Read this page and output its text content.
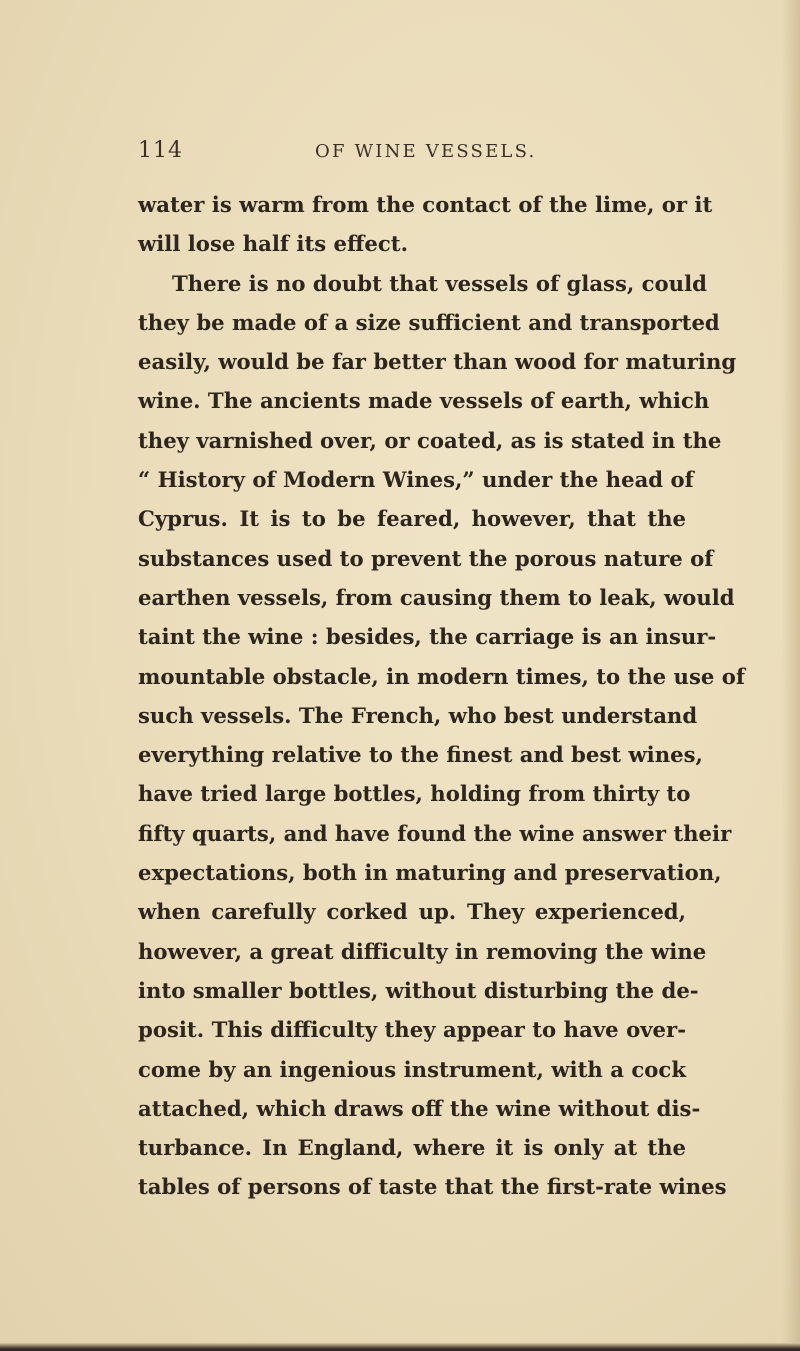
114	OF WINE VESSELS.
water is warm from the contact of the lime, or it
will lose half its effect.
There is no doubt that vessels of glass, could
they be made of a size sufficient and transported
easily, would be far better than wood for maturing
wine. The ancients made vessels of earth, which
they varnished over, or coated, as is stated in the
“ History of Modern Wines,” under the head of
Cyprus. It is to be feared, however, that the
substances used to prevent the porous nature of
earthen vessels, from causing them to leak, would
taint the wine : besides, the carriage is an insur-
mountable obstacle, in modern times, to the use of
such vessels. The French, who best understand
everything relative to the finest and best wines,
have tried large bottles, holding from thirty to
fifty quarts, and have found the wine answer their
expectations, both in maturing and preservation,
when carefully corked up. They experienced,
however, a great difficulty in removing the wine
into smaller bottles, without disturbing the de-
posit. This difficulty they appear to have over-
come by an ingenious instrument, with a cock
attached, which draws off the wine without dis-
turbance. In England, where it is only at the
tables of persons of taste that the first-rate wines
